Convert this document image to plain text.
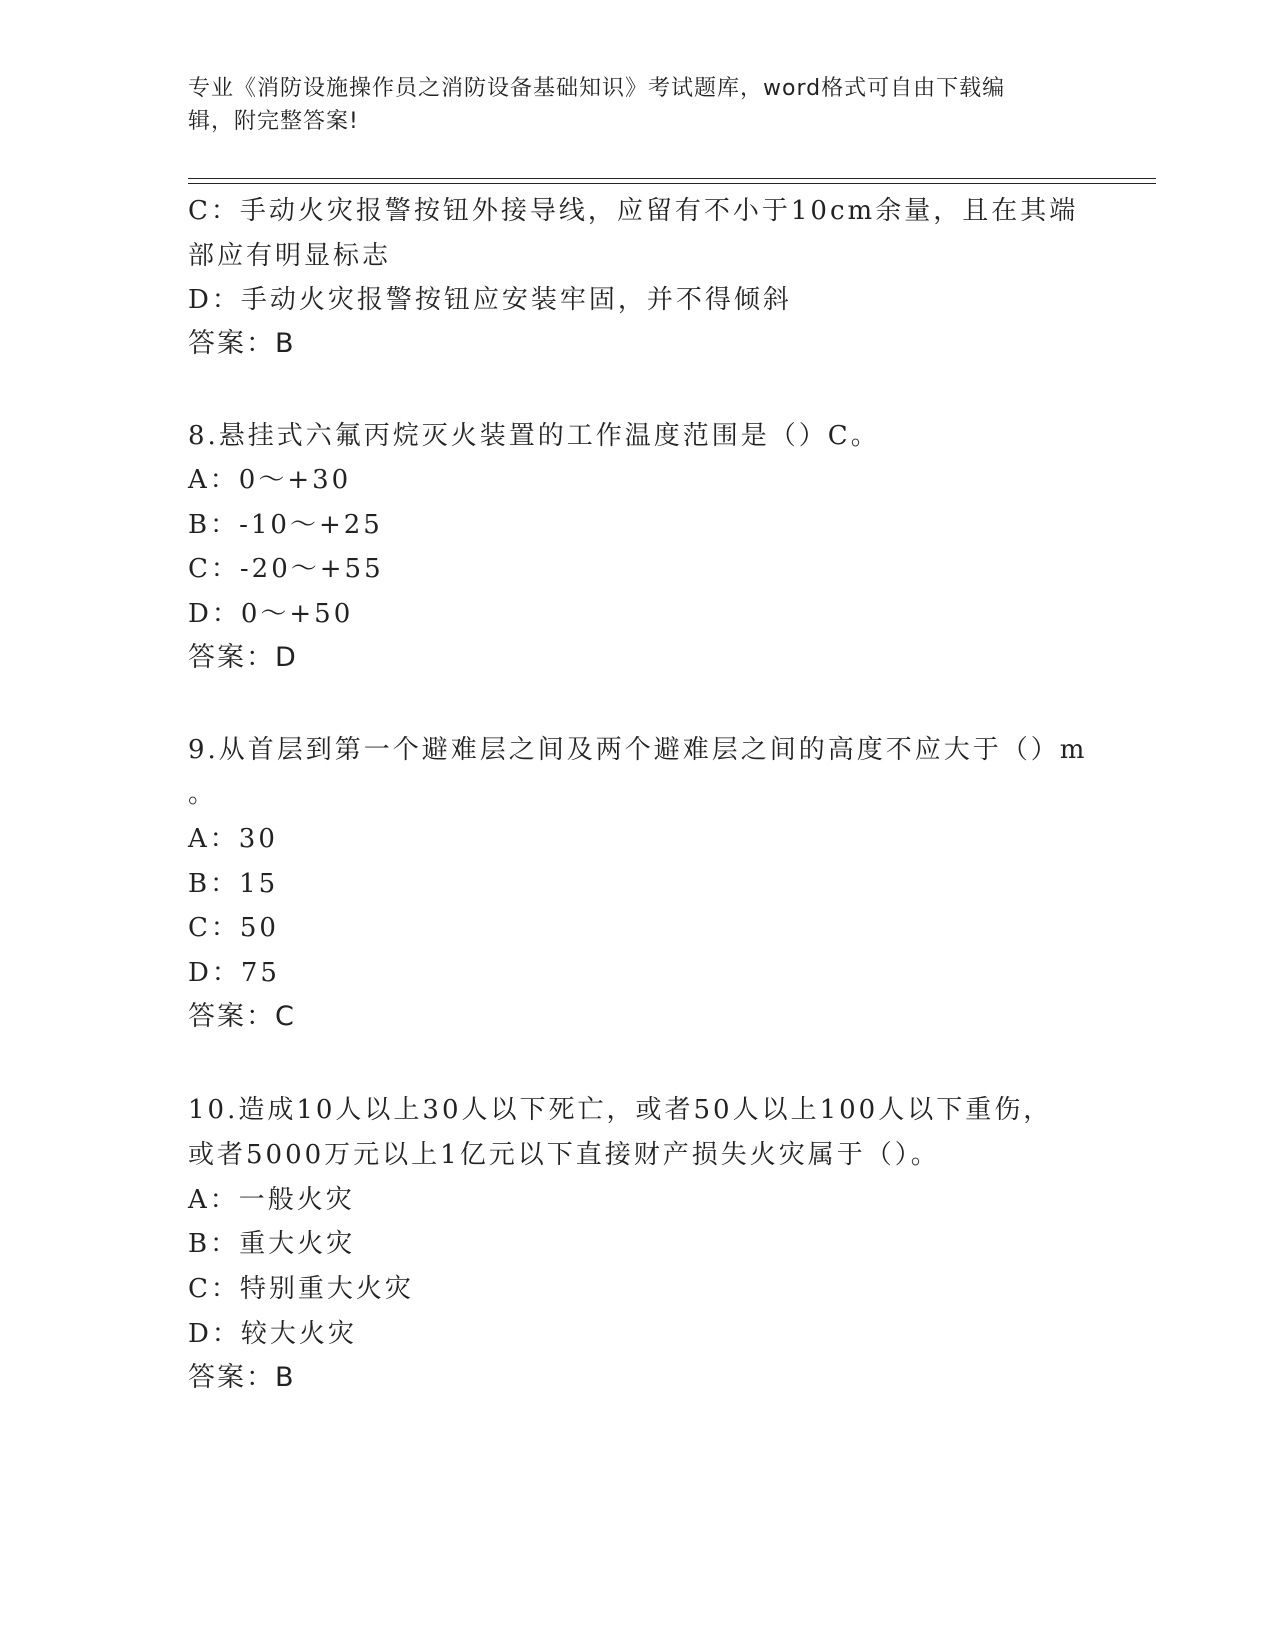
专业《消防设施操作员之消防设备基础知识》考试题库，word格式可自由下载编
辑，附完整答案!
C：手动火灾报警按钮外接导线，应留有不小于10cm余量，且在其端
部应有明显标志
D：手动火灾报警按钮应安装牢固，并不得倾斜
答案：B
8.悬挂式六氟丙烷灭火装置的工作温度范围是（）C。
A：0～+30
B：-10～+25
C：-20～+55
D：0～+50
答案：D
9.从首层到第一个避难层之间及两个避难层之间的高度不应大于（）m
。
A：30
B：15
C：50
D：75
答案：C
10.造成10人以上30人以下死亡，或者50人以上100人以下重伤，
或者5000万元以上1亿元以下直接财产损失火灾属于（）。
A：一般火灾
B：重大火灾
C：特别重大火灾
D：较大火灾
答案：B
